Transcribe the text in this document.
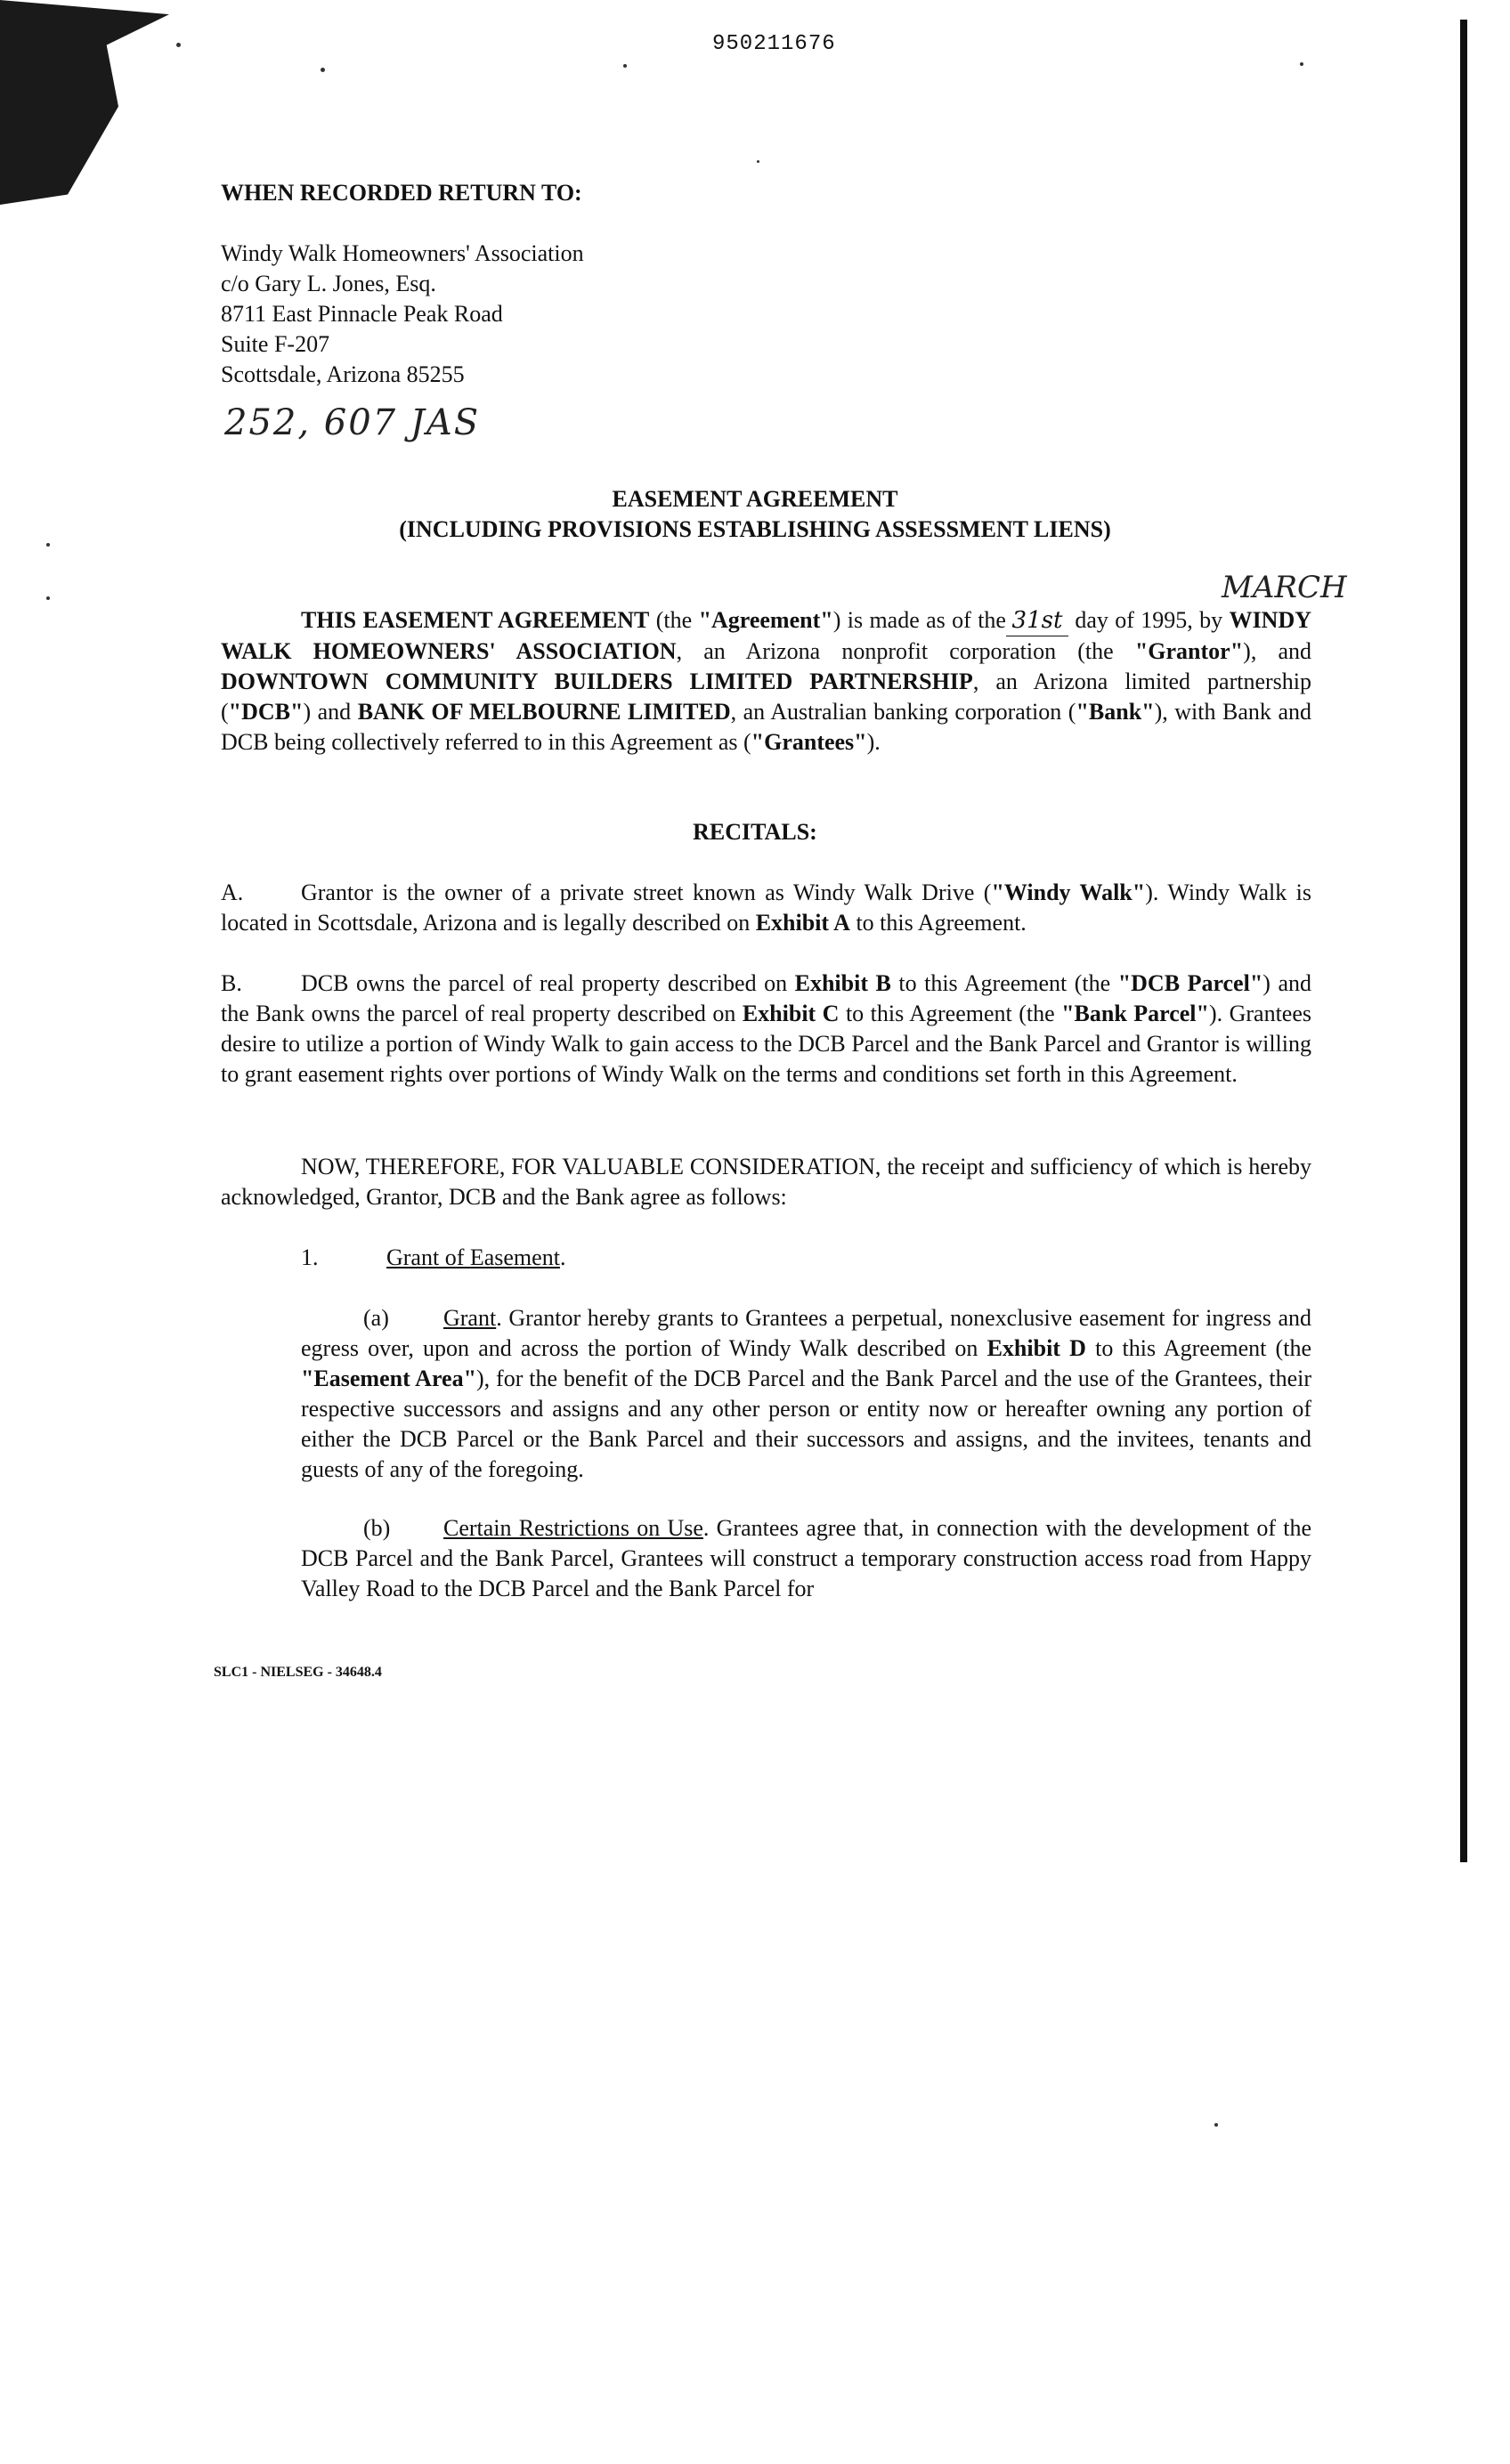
950211676
WHEN RECORDED RETURN TO:
Windy Walk Homeowners' Association
c/o Gary L. Jones, Esq.
8711 East Pinnacle Peak Road
Suite F-207
Scottsdale, Arizona 85255
252, 607 JAS
EASEMENT AGREEMENT
(INCLUDING PROVISIONS ESTABLISHING ASSESSMENT LIENS)
MARCH

THIS EASEMENT AGREEMENT (the "Agreement") is made as of the 31st day of 1995, by WINDY WALK HOMEOWNERS' ASSOCIATION, an Arizona nonprofit corporation (the "Grantor"), and DOWNTOWN COMMUNITY BUILDERS LIMITED PARTNERSHIP, an Arizona limited partnership ("DCB") and BANK OF MELBOURNE LIMITED, an Australian banking corporation ("Bank"), with Bank and DCB being collectively referred to in this Agreement as ("Grantees").

RECITALS:

A. Grantor is the owner of a private street known as Windy Walk Drive ("Windy Walk"). Windy Walk is located in Scottsdale, Arizona and is legally described on Exhibit A to this Agreement.

B.	DCB owns the parcel of real property described on Exhibit B to this Agreement (the "DCB Parcel") and the Bank owns the parcel of real property described on Exhibit C to this Agreement (the "Bank Parcel"). Grantees desire to utilize a portion of Windy Walk to gain access to the DCB Parcel and the Bank Parcel and Grantor is willing to grant easement rights over portions of Windy Walk on the terms and conditions set forth in this Agreement.

NOW, THEREFORE, FOR VALUABLE CONSIDERATION, the receipt and sufficiency of which is hereby acknowledged, Grantor, DCB and the Bank agree as follows:

1.	Grant of Easement.

(a) Grant. Grantor hereby grants to Grantees a perpetual, nonexclusive easement for ingress and egress over, upon and across the portion of Windy Walk described on Exhibit D to this Agreement (the "Easement Area"), for the benefit of the DCB Parcel and the Bank Parcel and the use of the Grantees, their respective successors and assigns and any other person or entity now or hereafter owning any portion of either the DCB Parcel or the Bank Parcel and their successors and assigns, and the invitees, tenants and guests of any of the foregoing.

(b) Certain Restrictions on Use. Grantees agree that, in connection with the development of the DCB Parcel and the Bank Parcel, Grantees will construct a temporary construction access road from Happy Valley Road to the DCB Parcel and the Bank Parcel for

SLC1 - NIELSEG - 34648.4
